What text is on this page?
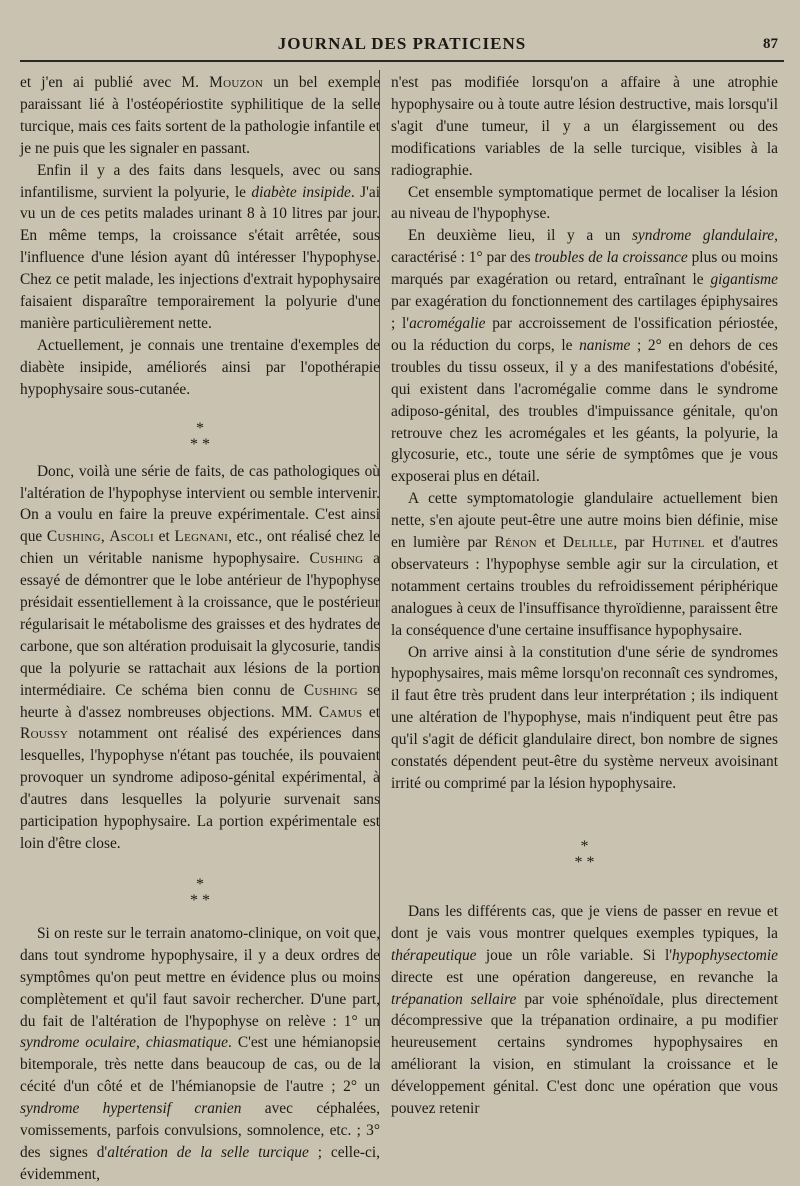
JOURNAL DES PRATICIENS	87

et j'en ai publié avec M. Mouzon un bel exemple paraissant lié à l'ostéopériostite syphilitique de la selle turcique, mais ces faits sortent de la pathologie infantile et je ne puis que les signaler en passant.

Enfin il y a des faits dans lesquels, avec ou sans infantilisme, survient la polyurie, le diabète insipide. J'ai vu un de ces petits malades urinant 8 à 10 litres par jour. En même temps, la croissance s'était arrêtée, sous l'influence d'une lésion ayant dû intéresser l'hypophyse. Chez ce petit malade, les injections d'extrait hypophysaire faisaient disparaître temporairement la polyurie d'une manière particulièrement nette.

Actuellement, je connais une trentaine d'exemples de diabète insipide, améliorés ainsi par l'opothérapie hypophysaire sous-cutanée.

*
* *

Donc, voilà une série de faits, de cas pathologiques où l'altération de l'hypophyse intervient ou semble intervenir. On a voulu en faire la preuve expérimentale. C'est ainsi que Cushing, Ascoli et Legnani, etc., ont réalisé chez le chien un véritable nanisme hypophysaire. Cushing a essayé de démontrer que le lobe antérieur de l'hypophyse présidait essentiellement à la croissance, que le postérieur régularisait le métabolisme des graisses et des hydrates de carbone, que son altération produisait la glycosurie, tandis que la polyurie se rattachait aux lésions de la portion intermédiaire. Ce schéma bien connu de Cushing se heurte à d'assez nombreuses objections. MM. Camus et Roussy notamment ont réalisé des expériences dans lesquelles, l'hypophyse n'étant pas touchée, ils pouvaient provoquer un syndrome adiposo-génital expérimental, à d'autres dans lesquelles la polyurie survenait sans participation hypophysaire. La portion expérimentale est loin d'être close.

*
* *

Si on reste sur le terrain anatomo-clinique, on voit que, dans tout syndrome hypophysaire, il y a deux ordres de symptômes qu'on peut mettre en évidence plus ou moins complètement et qu'il faut savoir rechercher. D'une part, du fait de l'altération de l'hypophyse on relève : 1° un syndrome oculaire, chiasmatique. C'est une hémianopsie bitemporale, très nette dans beaucoup de cas, ou de la cécité d'un côté et de l'hémianopsie de l'autre ; 2° un syndrome hypertensif cranien avec céphalées, vomissements, parfois convulsions, somnolence, etc. ; 3° des signes d'altération de la selle turcique ; celle-ci, évidemment,

n'est pas modifiée lorsqu'on a affaire à une atrophie hypophysaire ou à toute autre lésion destructive, mais lorsqu'il s'agit d'une tumeur, il y a un élargissement ou des modifications variables de la selle turcique, visibles à la radiographie.

Cet ensemble symptomatique permet de localiser la lésion au niveau de l'hypophyse.

En deuxième lieu, il y a un syndrome glandulaire, caractérisé : 1° par des troubles de la croissance plus ou moins marqués par exagération ou retard, entraînant le gigantisme par exagération du fonctionnement des cartilages épiphysaires ; l'acromégalie par accroissement de l'ossification périostée, ou la réduction du corps, le nanisme ; 2° en dehors de ces troubles du tissu osseux, il y a des manifestations d'obésité, qui existent dans l'acromégalie comme dans le syndrome adiposo-génital, des troubles d'impuissance génitale, qu'on retrouve chez les acromégales et les géants, la polyurie, la glycosurie, etc., toute une série de symptômes que je vous exposerai plus en détail.

A cette symptomatologie glandulaire actuellement bien nette, s'en ajoute peut-être une autre moins bien définie, mise en lumière par Rénon et Delille, par Hutinel et d'autres observateurs : l'hypophyse semble agir sur la circulation, et notamment certains troubles du refroidissement périphérique analogues à ceux de l'insuffisance thyroïdienne, paraissent être la conséquence d'une certaine insuffisance hypophysaire.

On arrive ainsi à la constitution d'une série de syndromes hypophysaires, mais même lorsqu'on reconnaît ces syndromes, il faut être très prudent dans leur interprétation ; ils indiquent une altération de l'hypophyse, mais n'indiquent peut être pas qu'il s'agit de déficit glandulaire direct, bon nombre de signes constatés dépendent peut-être du système nerveux avoisinant irrité ou comprimé par la lésion hypophysaire.

*
* *

Dans les différents cas, que je viens de passer en revue et dont je vais vous montrer quelques exemples typiques, la thérapeutique joue un rôle variable. Si l'hypophysectomie directe est une opération dangereuse, en revanche la trépanation sellaire par voie sphénoïdale, plus directement décompressive que la trépanation ordinaire, a pu modifier heureusement certains syndromes hypophysaires en améliorant la vision, en stimulant la croissance et le développement génital. C'est donc une opération que vous pouvez retenir
